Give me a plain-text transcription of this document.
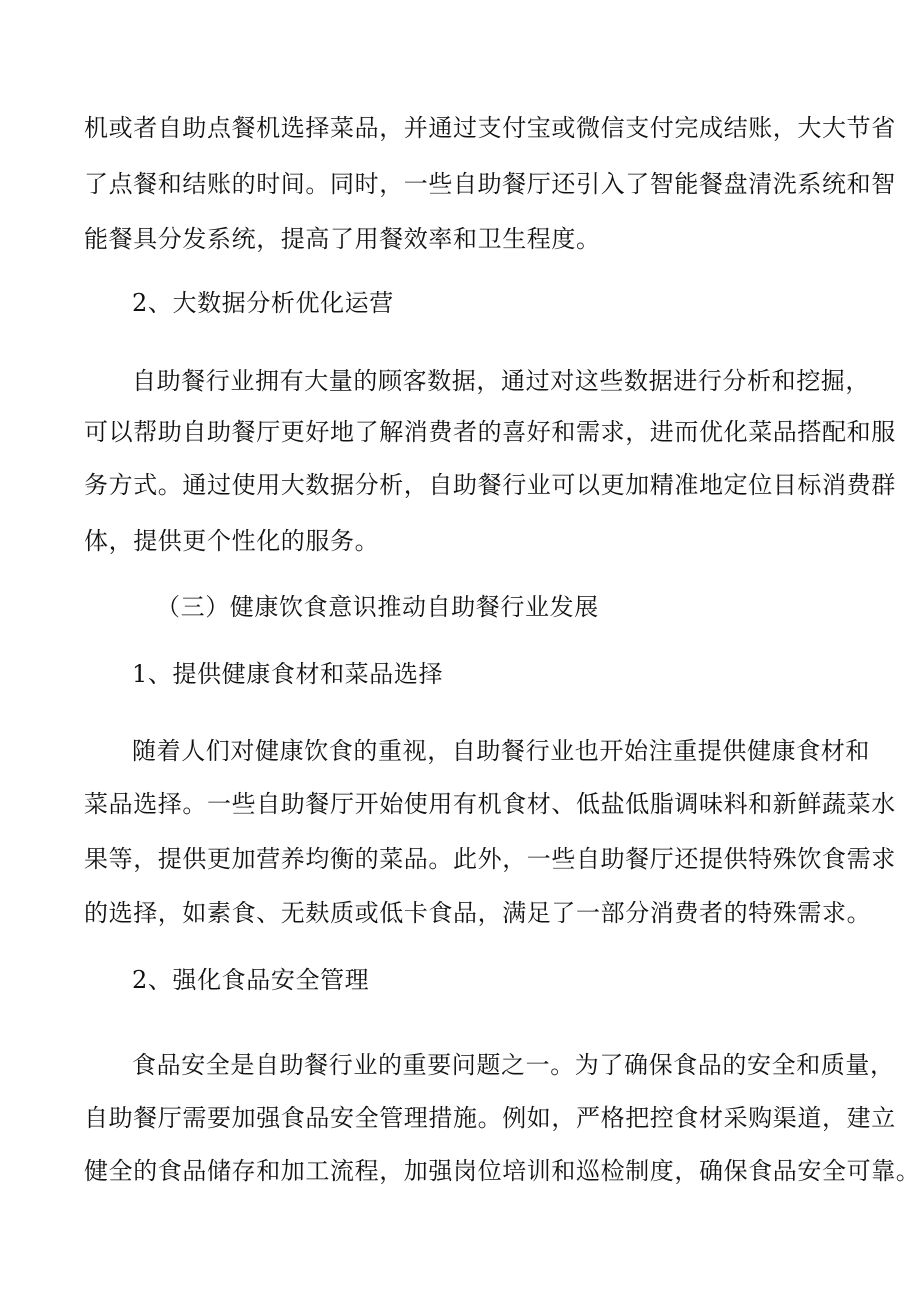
机或者自助点餐机选择菜品，并通过支付宝或微信支付完成结账，大大节省
了点餐和结账的时间。同时，一些自助餐厅还引入了智能餐盘清洗系统和智
能餐具分发系统，提高了用餐效率和卫生程度。
2、大数据分析优化运营
自助餐行业拥有大量的顾客数据，通过对这些数据进行分析和挖掘，
可以帮助自助餐厅更好地了解消费者的喜好和需求，进而优化菜品搭配和服
务方式。通过使用大数据分析，自助餐行业可以更加精准地定位目标消费群
体，提供更个性化的服务。
（三）健康饮食意识推动自助餐行业发展
1、提供健康食材和菜品选择
随着人们对健康饮食的重视，自助餐行业也开始注重提供健康食材和
菜品选择。一些自助餐厅开始使用有机食材、低盐低脂调味料和新鲜蔬菜水
果等，提供更加营养均衡的菜品。此外，一些自助餐厅还提供特殊饮食需求
的选择，如素食、无麸质或低卡食品，满足了一部分消费者的特殊需求。
2、强化食品安全管理
食品安全是自助餐行业的重要问题之一。为了确保食品的安全和质量，
自助餐厅需要加强食品安全管理措施。例如，严格把控食材采购渠道，建立
健全的食品储存和加工流程，加强岗位培训和巡检制度，确保食品安全可靠。
